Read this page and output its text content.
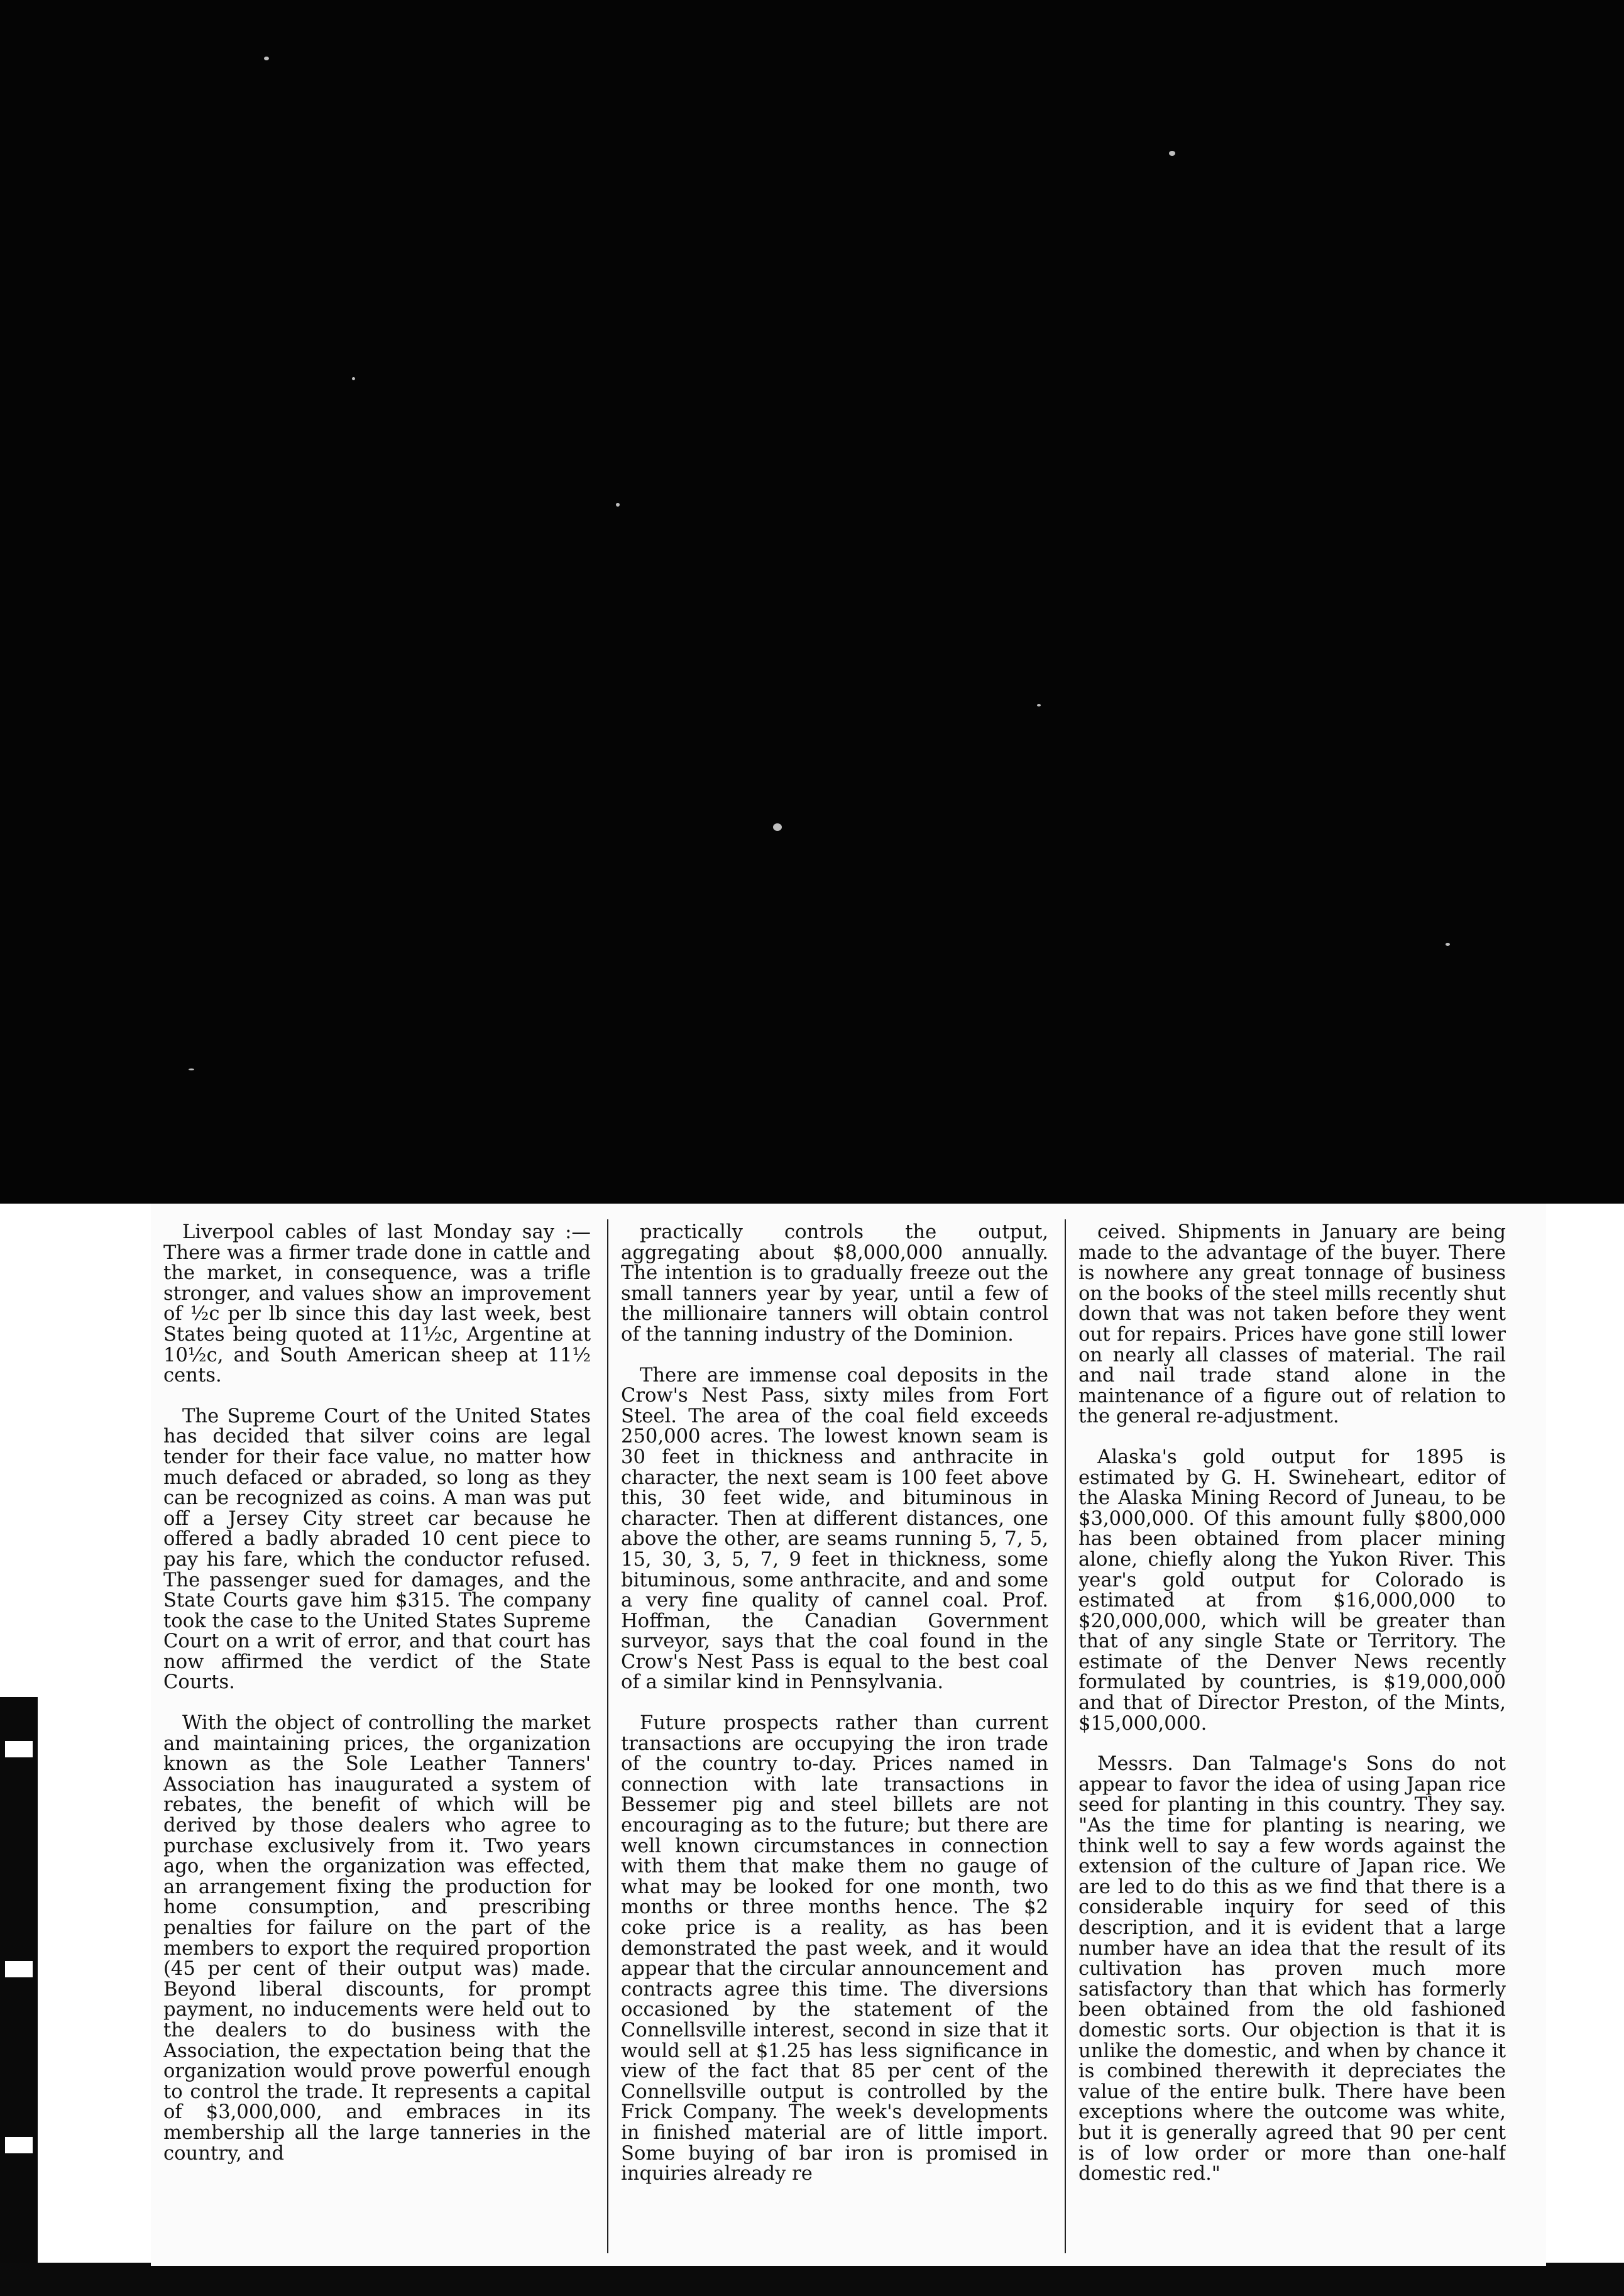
Liverpool cables of last Monday say :— There was a firmer trade done in cattle and the market, in consequence, was a trifle stronger, and values show an improvement of ½c per lb since this day last week, best States being quoted at 11½c, Argentine at 10½c, and South American sheep at 11½ cents.

The Supreme Court of the United States has decided that silver coins are legal tender for their face value, no matter how much defaced or abraded, so long as they can be recognized as coins. A man was put off a Jersey City street car because he offered a badly abraded 10 cent piece to pay his fare, which the conductor refused. The passenger sued for damages, and the State Courts gave him $315. The company took the case to the United States Supreme Court on a writ of error, and that court has now affirmed the verdict of the State Courts.

With the object of controlling the market and maintaining prices, the organization known as the Sole Leather Tanners' Association has inaugurated a system of rebates, the benefit of which will be derived by those dealers who agree to purchase exclusively from it. Two years ago, when the organization was effected, an arrangement fixing the production for home consumption, and prescribing penalties for failure on the part of the members to export the required proportion (45 per cent of their output was) made. Beyond liberal discounts, for prompt payment, no inducements were held out to the dealers to do business with the Association, the expectation being that the organization would prove powerful enough to control the trade. It represents a capital of $3,000,000, and embraces in its membership all the large tanneries in the country, and

practically controls the output, aggregating about $8,000,000 annually. The intention is to gradually freeze out the small tanners year by year, until a few of the millionaire tanners will obtain control of the tanning industry of the Dominion.

There are immense coal deposits in the Crow's Nest Pass, sixty miles from Fort Steel. The area of the coal field exceeds 250,000 acres. The lowest known seam is 30 feet in thickness and anthracite in character, the next seam is 100 feet above this, 30 feet wide, and bituminous in character. Then at different distances, one above the other, are seams running 5, 7, 5, 15, 30, 3, 5, 7, 9 feet in thickness, some bituminous, some anthracite, and and some a very fine quality of cannel coal. Prof. Hoffman, the Canadian Government surveyor, says that the coal found in the Crow's Nest Pass is equal to the best coal of a similar kind in Pennsylvania.

Future prospects rather than current transactions are occupying the iron trade of the country to-day. Prices named in connection with late transactions in Bessemer pig and steel billets are not encouraging as to the future; but there are well known circumstances in connection with them that make them no gauge of what may be looked for one month, two months or three months hence. The $2 coke price is a reality, as has been demonstrated the past week, and it would appear that the circular announcement and contracts agree this time. The diversions occasioned by the statement of the Connellsville interest, second in size that it would sell at $1.25 has less significance in view of the fact that 85 per cent of the Connellsville output is controlled by the Frick Company. The week's developments in finished material are of little import. Some buying of bar iron is promised in inquiries already re

ceived. Shipments in January are being made to the advantage of the buyer. There is nowhere any great tonnage of business on the books of the steel mills recently shut down that was not taken before they went out for repairs. Prices have gone still lower on nearly all classes of material. The rail and nail trade stand alone in the maintenance of a figure out of relation to the general re-adjustment.

Alaska's gold output for 1895 is estimated by G. H. Swineheart, editor of the Alaska Mining Record of Juneau, to be $3,000,000. Of this amount fully $800,000 has been obtained from placer mining alone, chiefly along the Yukon River. This year's gold output for Colorado is estimated at from $16,000,000 to $20,000,000, which will be greater than that of any single State or Territory. The estimate of the Denver News recently formulated by countries, is $19,000,000 and that of Director Preston, of the Mints, $15,000,000.

Messrs. Dan Talmage's Sons do not appear to favor the idea of using Japan rice seed for planting in this country. They say. "As the time for planting is nearing, we think well to say a few words against the extension of the culture of Japan rice. We are led to do this as we find that there is a considerable inquiry for seed of this description, and it is evident that a large number have an idea that the result of its cultivation has proven much more satisfactory than that which has formerly been obtained from the old fashioned domestic sorts. Our objection is that it is unlike the domestic, and when by chance it is combined therewith it depreciates the value of the entire bulk. There have been exceptions where the outcome was white, but it is generally agreed that 90 per cent is of low order or more than one-half domestic red."
